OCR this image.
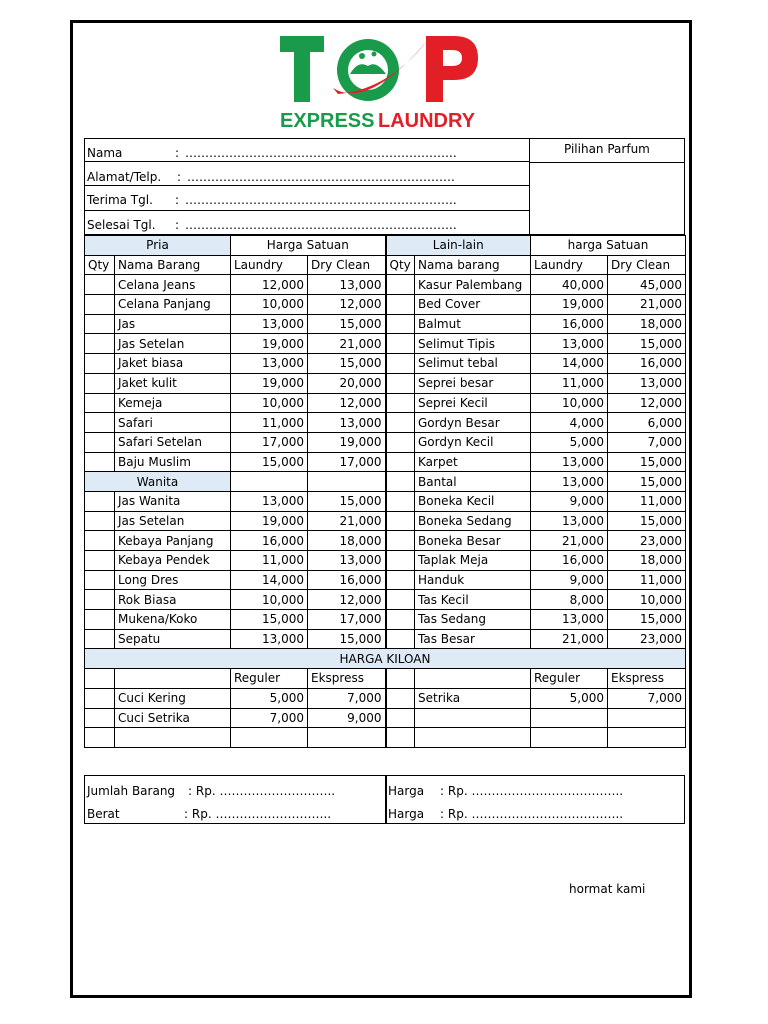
EXPRESS LAUNDRY
Nama	: …………………………………………………………..
Alamat/Telp. : ………………………………………………………….
Terima Tgl. : …………………………………………………………..
Selesai Tgl. : …………………………………………………………..
Pilihan Parfum
Pria		Harga Satuan		Lain-lain		harga Satuan	
Qty	Nama Barang	Laundry	Dry Clean	Qty	Nama barang	Laundry	Dry Clean
	Celana Jeans	12,000	13,000		Kasur Palembang	40,000	45,000
	Celana Panjang	10,000	12,000		Bed Cover	19,000	21,000
	Jas	13,000	15,000		Balmut	16,000	18,000
	Jas Setelan	19,000	21,000		Selimut Tipis	13,000	15,000
	Jaket biasa	13,000	15,000		Selimut tebal	14,000	16,000
	Jaket kulit	19,000	20,000		Seprei besar	11,000	13,000
	Kemeja	10,000	12,000		Seprei Kecil	10,000	12,000
	Safari	11,000	13,000		Gordyn Besar	4,000	6,000
	Safari Setelan	17,000	19,000		Gordyn Kecil	5,000	7,000
	Baju Muslim	15,000	17,000		Karpet	13,000	15,000
Wanita					Bantal	13,000	15,000
	Jas Wanita	13,000	15,000		Boneka Kecil	9,000	11,000
	Jas Setelan	19,000	21,000		Boneka Sedang	13,000	15,000
	Kebaya Panjang	16,000	18,000		Boneka Besar	21,000	23,000
	Kebaya Pendek	11,000	13,000		Taplak Meja	16,000	18,000
	Long Dres	14,000	16,000		Handuk	9,000	11,000
	Rok Biasa	10,000	12,000		Tas Kecil	8,000	10,000
	Mukena/Koko	15,000	17,000		Tas Sedang	13,000	15,000
	Sepatu	13,000	15,000		Tas Besar	21,000	23,000
HARGA KILOAN							
		Reguler	Ekspress			Reguler	Ekspress
	Cuci Kering	5,000	7,000		Setrika	5,000	7,000
	Cuci Setrika	7,000	9,000				

Jumlah Barang : Rp. ………………………..
Berat	: Rp. ………………………..
Harga : Rp. ………………………………..
Harga : Rp. ………………………………..
hormat kami
